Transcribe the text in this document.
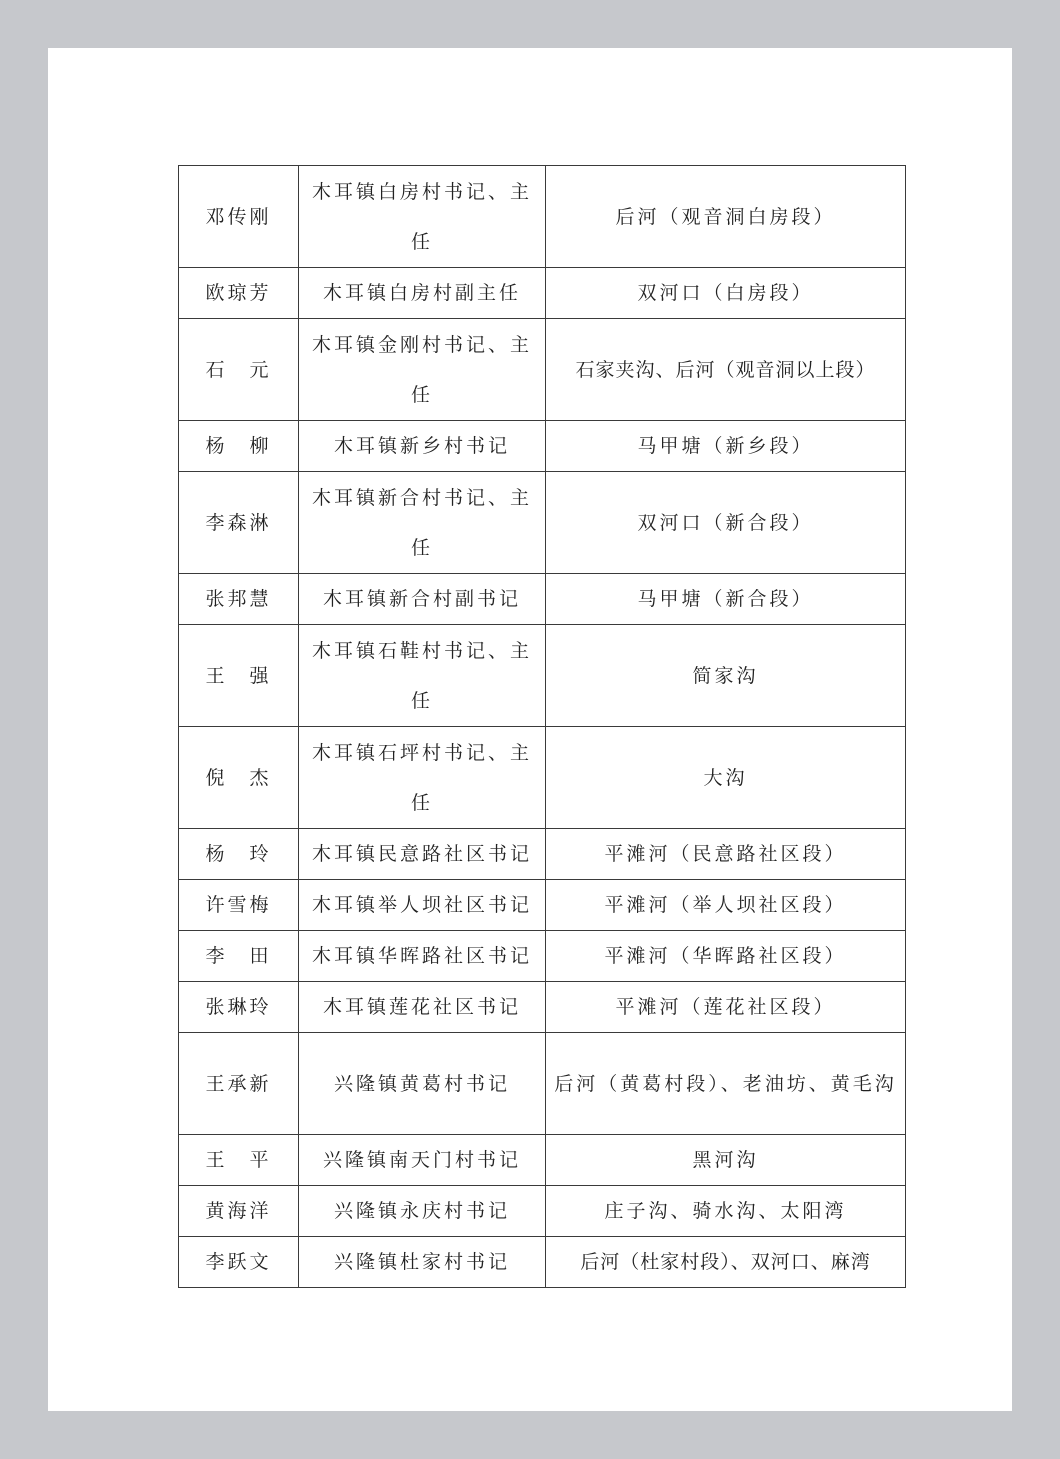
邓传刚	木耳镇白房村书记、主任	后河（观音洞白房段）
欧琼芳	木耳镇白房村副主任	双河口（白房段）
石　元	木耳镇金刚村书记、主任	石家夹沟、后河（观音洞以上段）
杨　柳	木耳镇新乡村书记	马甲塘（新乡段）
李森淋	木耳镇新合村书记、主任	双河口（新合段）
张邦慧	木耳镇新合村副书记	马甲塘（新合段）
王　强	木耳镇石鞋村书记、主任	简家沟
倪　杰	木耳镇石坪村书记、主任	大沟
杨　玲	木耳镇民意路社区书记	平滩河（民意路社区段）
许雪梅	木耳镇举人坝社区书记	平滩河（举人坝社区段）
李　田	木耳镇华晖路社区书记	平滩河（华晖路社区段）
张琳玲	木耳镇莲花社区书记	平滩河（莲花社区段）
王承新	兴隆镇黄葛村书记	后河（黄葛村段）、老油坊、黄毛沟
王　平	兴隆镇南天门村书记	黑河沟
黄海洋	兴隆镇永庆村书记	庄子沟、骑水沟、太阳湾
李跃文	兴隆镇杜家村书记	后河（杜家村段）、双河口、麻湾
